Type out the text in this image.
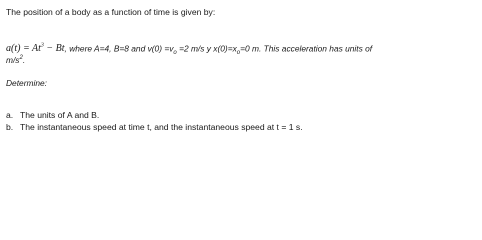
The position of a body as a function of time is given by:
$a(t) = At^3 - Bt$, where A=4, B=8 and $v(0) =v_o =2$ m/s y $x(0)=x_o=0$ m. This acceleration has units of
$m/s^2$.
Determine:
a. The units of A and B.
b. The instantaneous speed at time t, and the instantaneous speed at t = 1 s.
